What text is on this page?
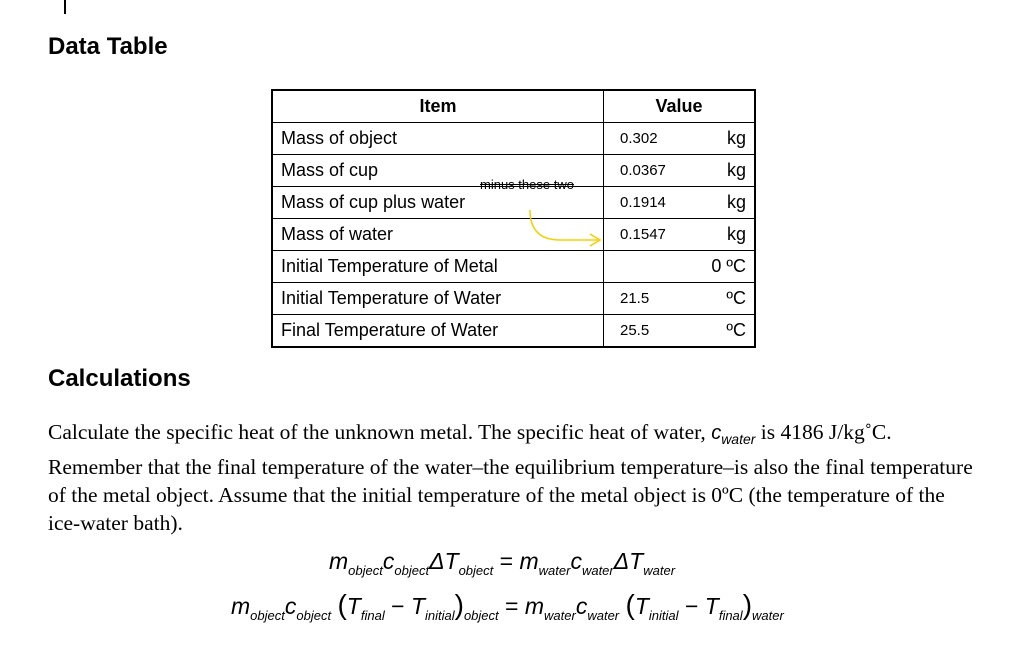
Data Table
Item	Value
Mass of object	0.302 kg

Mass of cup	0.0367 kg

Mass of cup plus water	0.1914 kg

Mass of water	0.1547 kg

Initial Temperature of Metal	0 ºC

Initial Temperature of Water	21.5 ºC

Final Temperature of Water	25.5 ºC
minus these two
Calculations
Calculate the specific heat of the unknown metal. The specific heat of water, $c_{water}$ is 4186 J/kg˚C. Remember that the final temperature of the water–the equilibrium temperature–is also the final temperature of the metal object. Assume that the initial temperature of the metal object is 0ºC (the temperature of the ice-water bath).
$m_{object}c_{object}\Delta T_{object} = m_{water}c_{water}\Delta T_{water}$
$m_{object}c_{object}$ $(T_{final} - T_{initial})_{object} = m_{water}c_{water}$ $(T_{initial} - T_{final})_{water}$
